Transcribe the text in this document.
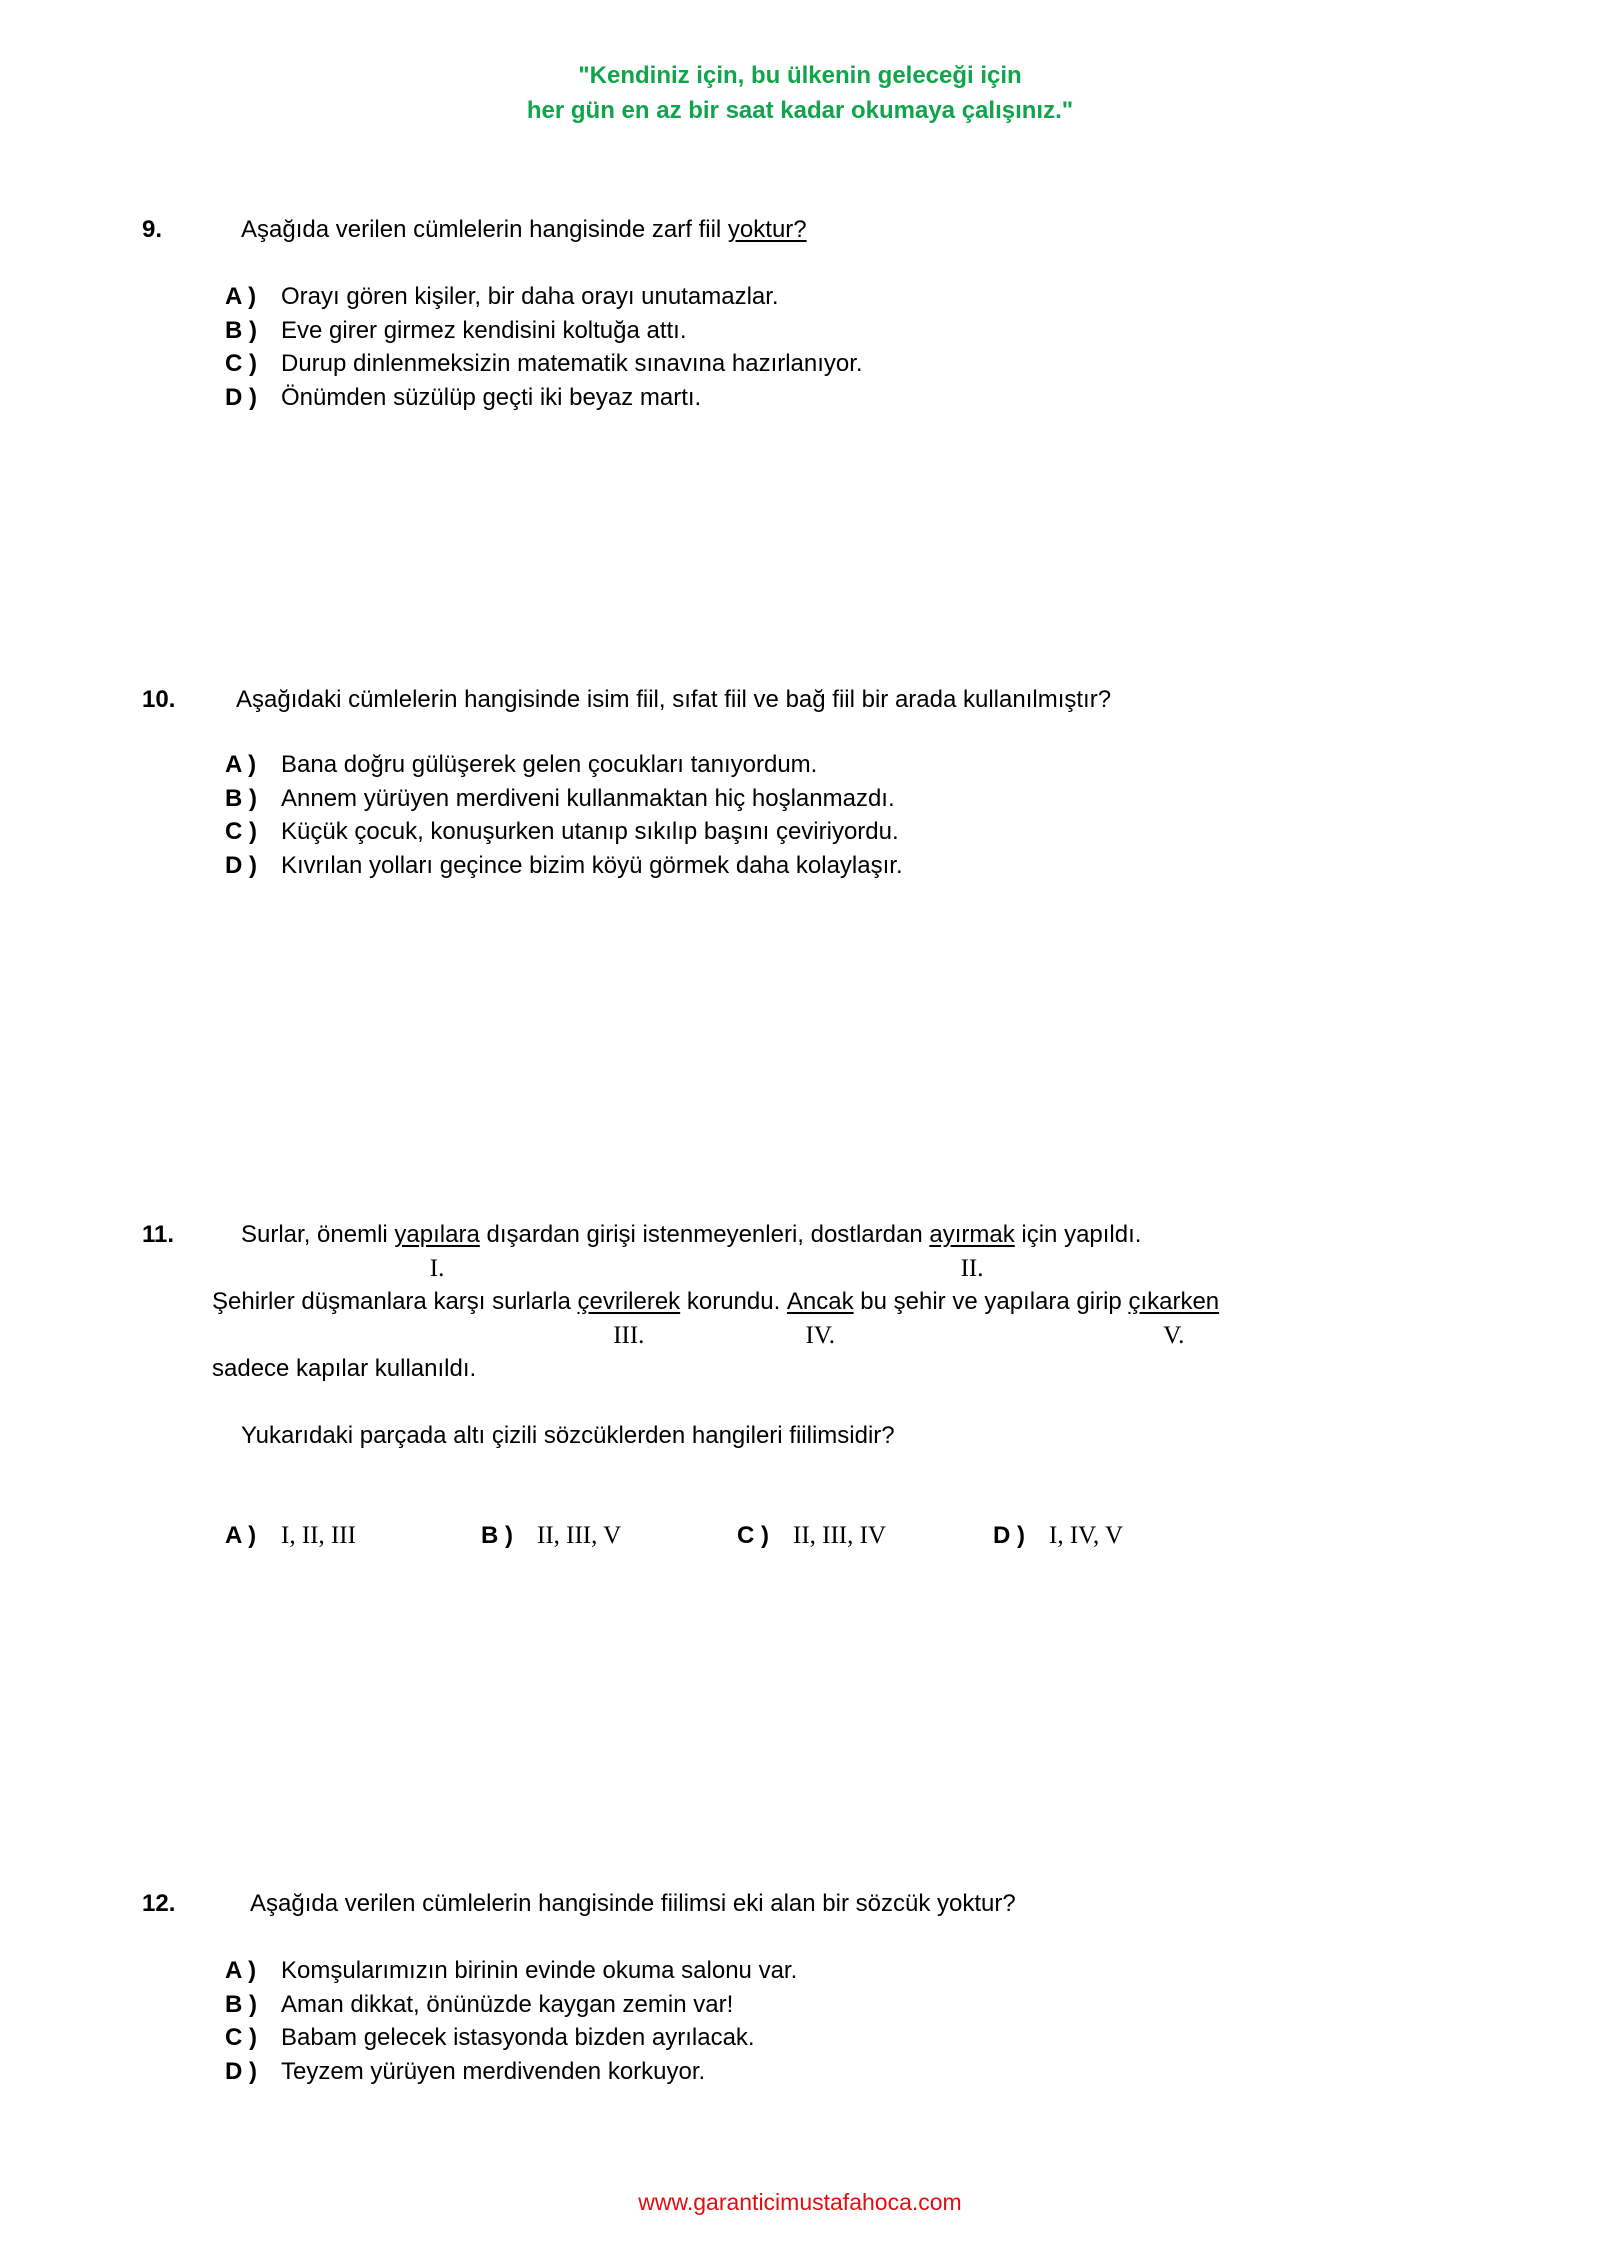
"Kendiniz için, bu ülkenin geleceği için
her gün en az bir saat kadar okumaya çalışınız."
9.	Aşağıda verilen cümlelerin hangisinde zarf fiil yoktur?
A ) Orayı gören kişiler, bir daha orayı unutamazlar.
B ) Eve girer girmez kendisini koltuğa attı.
C ) Durup dinlenmeksizin matematik sınavına hazırlanıyor.
D ) Önümden süzülüp geçti iki beyaz martı.
10.	Aşağıdaki cümlelerin hangisinde isim fiil, sıfat fiil ve bağ fiil bir arada kullanılmıştır?
A ) Bana doğru gülüşerek gelen çocukları tanıyordum.
B ) Annem yürüyen merdiveni kullanmaktan hiç hoşlanmazdı.
C ) Küçük çocuk, konuşurken utanıp sıkılıp başını çeviriyordu.
D ) Kıvrılan yolları geçince bizim köyü görmek daha kolaylaşır.
11.	Surlar, önemli yapılara
I.
dışardan girişi istenmeyenleri, dostlardan ayırmak
II.
için yapıldı.
Şehirler düşmanlara karşı surlarla çevrilerek
III.
korundu. Ancak
IV.
bu şehir ve yapılara girip çıkarken
V.
sadece kapılar kullanıldı.
Yukarıdaki parçada altı çizili sözcüklerden hangileri fiilimsidir?
A ) I, II, III	B ) II, III, V	C ) II, III, IV	D ) I, IV, V
12.	Aşağıda verilen cümlelerin hangisinde fiilimsi eki alan bir sözcük yoktur?
A ) Komşularımızın birinin evinde okuma salonu var.
B ) Aman dikkat, önünüzde kaygan zemin var!
C ) Babam gelecek istasyonda bizden ayrılacak.
D ) Teyzem yürüyen merdivenden korkuyor.
www.garanticimustafahoca.com
